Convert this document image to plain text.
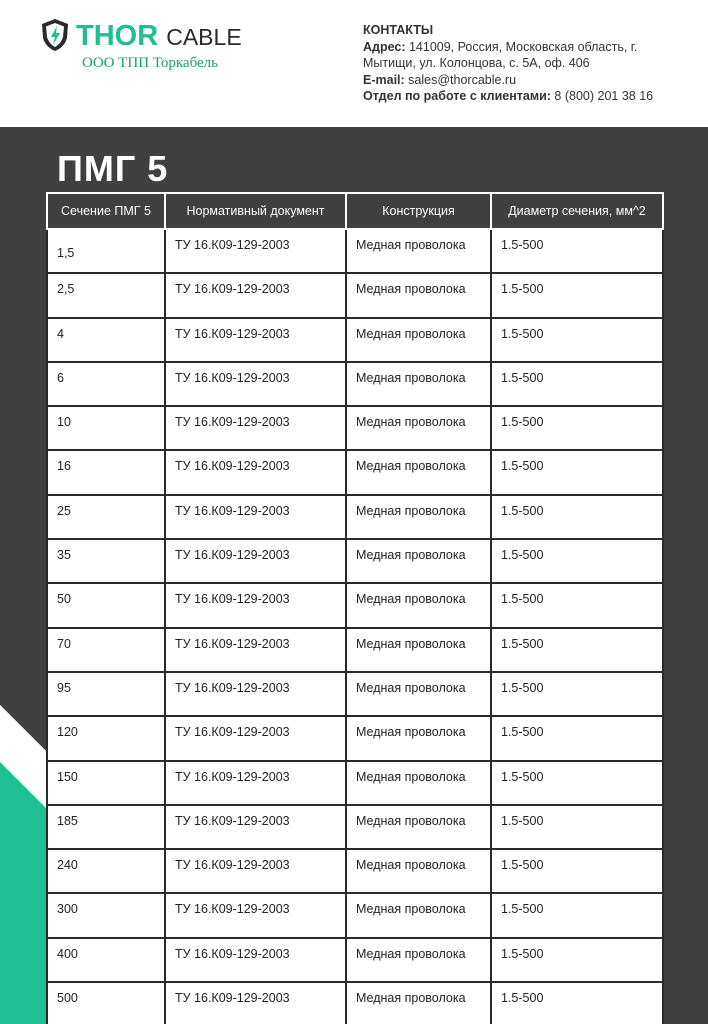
THOR CABLE
ООО ТПП Торкабель
КОНТАКТЫ
Адрес: 141009, Россия, Московская область, г.
Мытищи, ул. Колонцова, с. 5А, оф. 406
E-mail: sales@thorcable.ru
Отдел по работе с клиентами: 8 (800) 201 38 16
ПМГ 5
Сечение ПМГ 5	Нормативный документ	Конструкция	Диаметр сечения, мм^2
1,5	ТУ 16.К09-129-2003	Медная проволока	1.5-500
2,5	ТУ 16.К09-129-2003	Медная проволока	1.5-500
4	ТУ 16.К09-129-2003	Медная проволока	1.5-500
6	ТУ 16.К09-129-2003	Медная проволока	1.5-500
10	ТУ 16.К09-129-2003	Медная проволока	1.5-500
16	ТУ 16.К09-129-2003	Медная проволока	1.5-500
25	ТУ 16.К09-129-2003	Медная проволока	1.5-500
35	ТУ 16.К09-129-2003	Медная проволока	1.5-500
50	ТУ 16.К09-129-2003	Медная проволока	1.5-500
70	ТУ 16.К09-129-2003	Медная проволока	1.5-500
95	ТУ 16.К09-129-2003	Медная проволока	1.5-500
120	ТУ 16.К09-129-2003	Медная проволока	1.5-500
150	ТУ 16.К09-129-2003	Медная проволока	1.5-500
185	ТУ 16.К09-129-2003	Медная проволока	1.5-500
240	ТУ 16.К09-129-2003	Медная проволока	1.5-500
300	ТУ 16.К09-129-2003	Медная проволока	1.5-500
400	ТУ 16.К09-129-2003	Медная проволока	1.5-500
500	ТУ 16.К09-129-2003	Медная проволока	1.5-500
